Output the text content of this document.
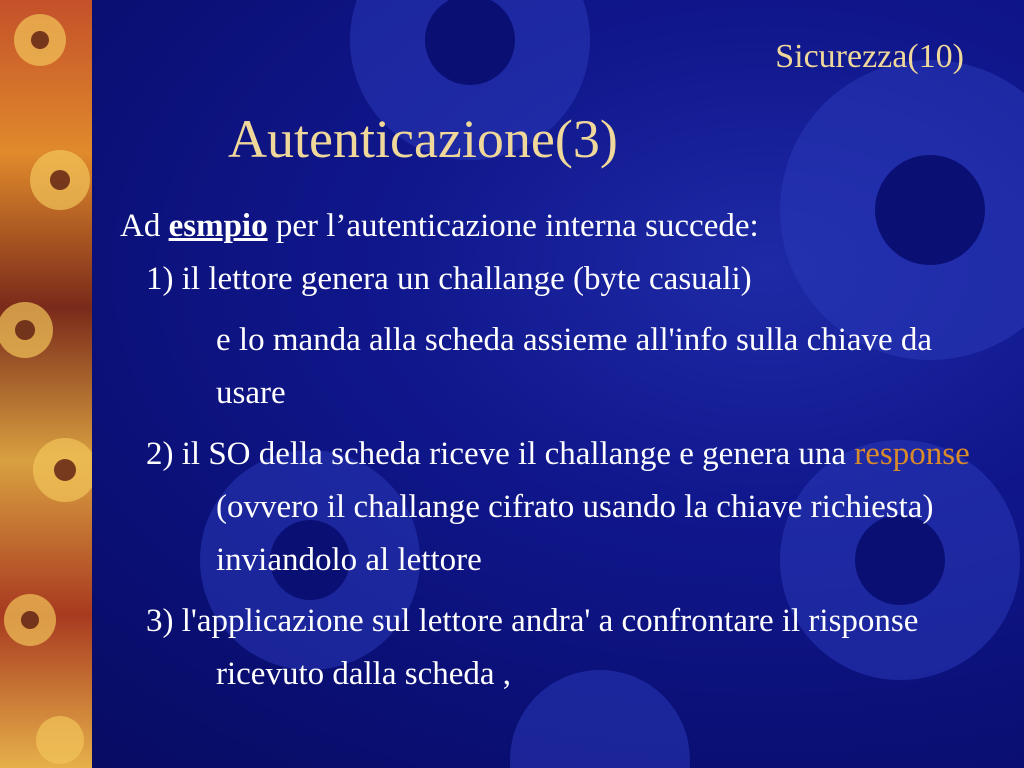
Sicurezza(10)
Autenticazione(3)
Ad esmpio per l’autenticazione interna succede:
1) il lettore genera un challange (byte casuali)
e lo manda alla scheda assieme all'info sulla chiave da usare
2) il SO della scheda riceve il challange e genera una response (ovvero il challange cifrato usando la chiave richiesta) inviandolo al lettore
3) l'applicazione sul lettore andra' a confrontare il risponse ricevuto dalla scheda ,
